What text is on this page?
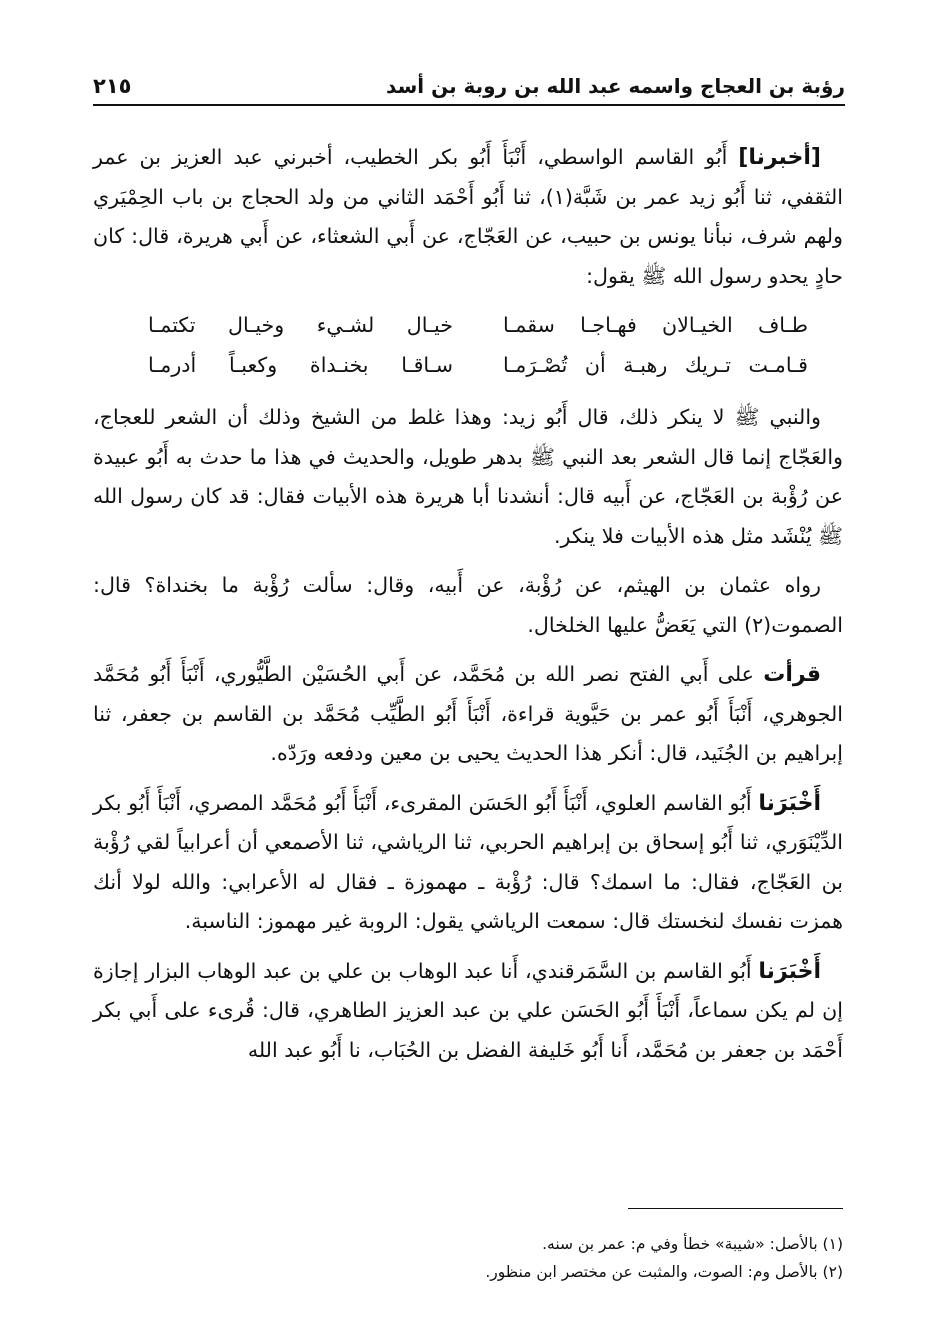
٢١٥	رؤبة بن العجاج واسمه عبد الله بن روبة بن أسد

[أخبرنا] أَبُو القاسم الواسطي، أَنْبَأَ أَبُو بكر الخطيب، أخبرني عبد العزيز بن عمر الثقفي، ثنا أَبُو زيد عمر بن شَبَّة(١)، ثنا أَبُو أَحْمَد الثاني من ولد الحجاج بن باب الحِمْيَري ولهم شرف، نبأنا يونس بن حبيب، عن العَجّاج، عن أَبي الشعثاء، عن أَبي هريرة، قال: كان حادٍ يحدو رسول الله ﷺ يقول:

طـاف الخيـالان فهـاجـا سقمـا
خيـال لشـيء وخيـال تكتمـا
قـامـت تـريك رهبـة أن تُصْـرَمـا
سـاقـا بخنـداة وكعبـاً أدرمـا

والنبي ﷺ لا ينكر ذلك، قال أَبُو زيد: وهذا غلط من الشيخ وذلك أن الشعر للعجاج، والعَجّاج إنما قال الشعر بعد النبي ﷺ بدهر طويل، والحديث في هذا ما حدث به أَبُو عبيدة عن رُؤْبة بن العَجّاج، عن أَبيه قال: أنشدنا أبا هريرة هذه الأبيات فقال: قد كان رسول الله ﷺ يُنْشَد مثل هذه الأبيات فلا ينكر.

رواه عثمان بن الهيثم، عن رُؤْبة، عن أَبيه، وقال: سألت رُؤْبة ما بخنداة؟ قال: الصموت(٢) التي يَعَضُّ عليها الخلخال.

قرأت على أَبي الفتح نصر الله بن مُحَمَّد، عن أَبي الحُسَيْن الطَّيُّوري، أَنْبَأَ أَبُو مُحَمَّد الجوهري، أَنْبَأَ أَبُو عمر بن حَيَّوية قراءة، أَنْبَأَ أَبُو الطَّيِّب مُحَمَّد بن القاسم بن جعفر، ثنا إبراهيم بن الجُنَيد، قال: أنكر هذا الحديث يحيى بن معين ودفعه ورَدّه.

أَخْبَرَنا أَبُو القاسم العلوي، أَنْبَأَ أَبُو الحَسَن المقرىء، أَنْبَأَ أَبُو مُحَمَّد المصري، أَنْبَأَ أَبُو بكر الدِّيْنَوَري، ثنا أَبُو إسحاق بن إبراهيم الحربي، ثنا الرياشي، ثنا الأصمعي أن أعرابياً لقي رُؤْبة بن العَجّاج، فقال: ما اسمك؟ قال: رُؤْبة ـ مهموزة ـ فقال له الأعرابي: والله لولا أنك همزت نفسك لنخستك قال: سمعت الرياشي يقول: الروبة غير مهموز: الناسبة.

أَخْبَرَنا أَبُو القاسم بن السَّمَرقندي، أَنا عبد الوهاب بن علي بن عبد الوهاب البزار إجازة إن لم يكن سماعاً، أَنْبَأَ أَبُو الحَسَن علي بن عبد العزيز الطاهري، قال: قُرىء على أَبي بكر أَحْمَد بن جعفر بن مُحَمَّد، أَنا أَبُو خَليفة الفضل بن الحُبَاب، نا أَبُو عبد الله

(١) بالأصل: «شيبة» خطأ وفي م: عمر بن سنه.
(٢) بالأصل وم: الصوت، والمثبت عن مختصر ابن منظور.
